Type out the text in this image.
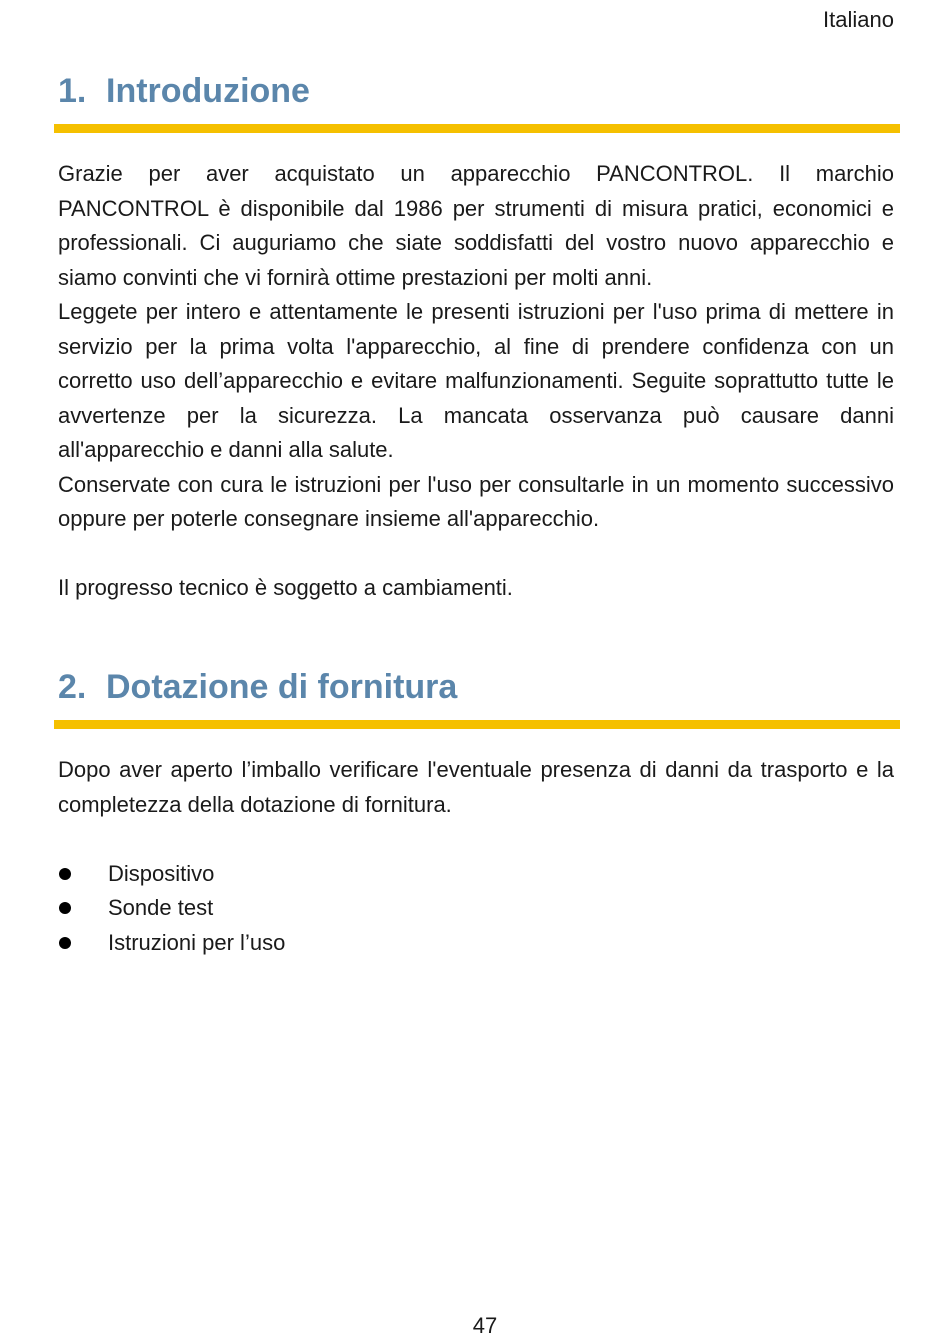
Italiano
1. Introduzione

Grazie per aver acquistato un apparecchio PANCONTROL. Il marchio PANCONTROL è disponibile dal 1986 per strumenti di misura pratici, economici e professionali. Ci auguriamo che siate soddisfatti del vostro nuovo apparecchio e siamo convinti che vi fornirà ottime prestazioni per molti anni.

Leggete per intero e attentamente le presenti istruzioni per l'uso prima di mettere in servizio per la prima volta l'apparecchio, al fine di prendere confidenza con un corretto uso dell’apparecchio e evitare malfunzionamenti. Seguite soprattutto tutte le avvertenze per la sicurezza. La mancata osservanza può causare danni all'apparecchio e danni alla salute.

Conservate con cura le istruzioni per l'uso per consultarle in un momento successivo oppure per poterle consegnare insieme all'apparecchio.

Il progresso tecnico è soggetto a cambiamenti.

2. Dotazione di fornitura

Dopo aver aperto l’imballo verificare l'eventuale presenza di danni da trasporto e la completezza della dotazione di fornitura.

Dispositivo
Sonde test
Istruzioni per l’uso
47
